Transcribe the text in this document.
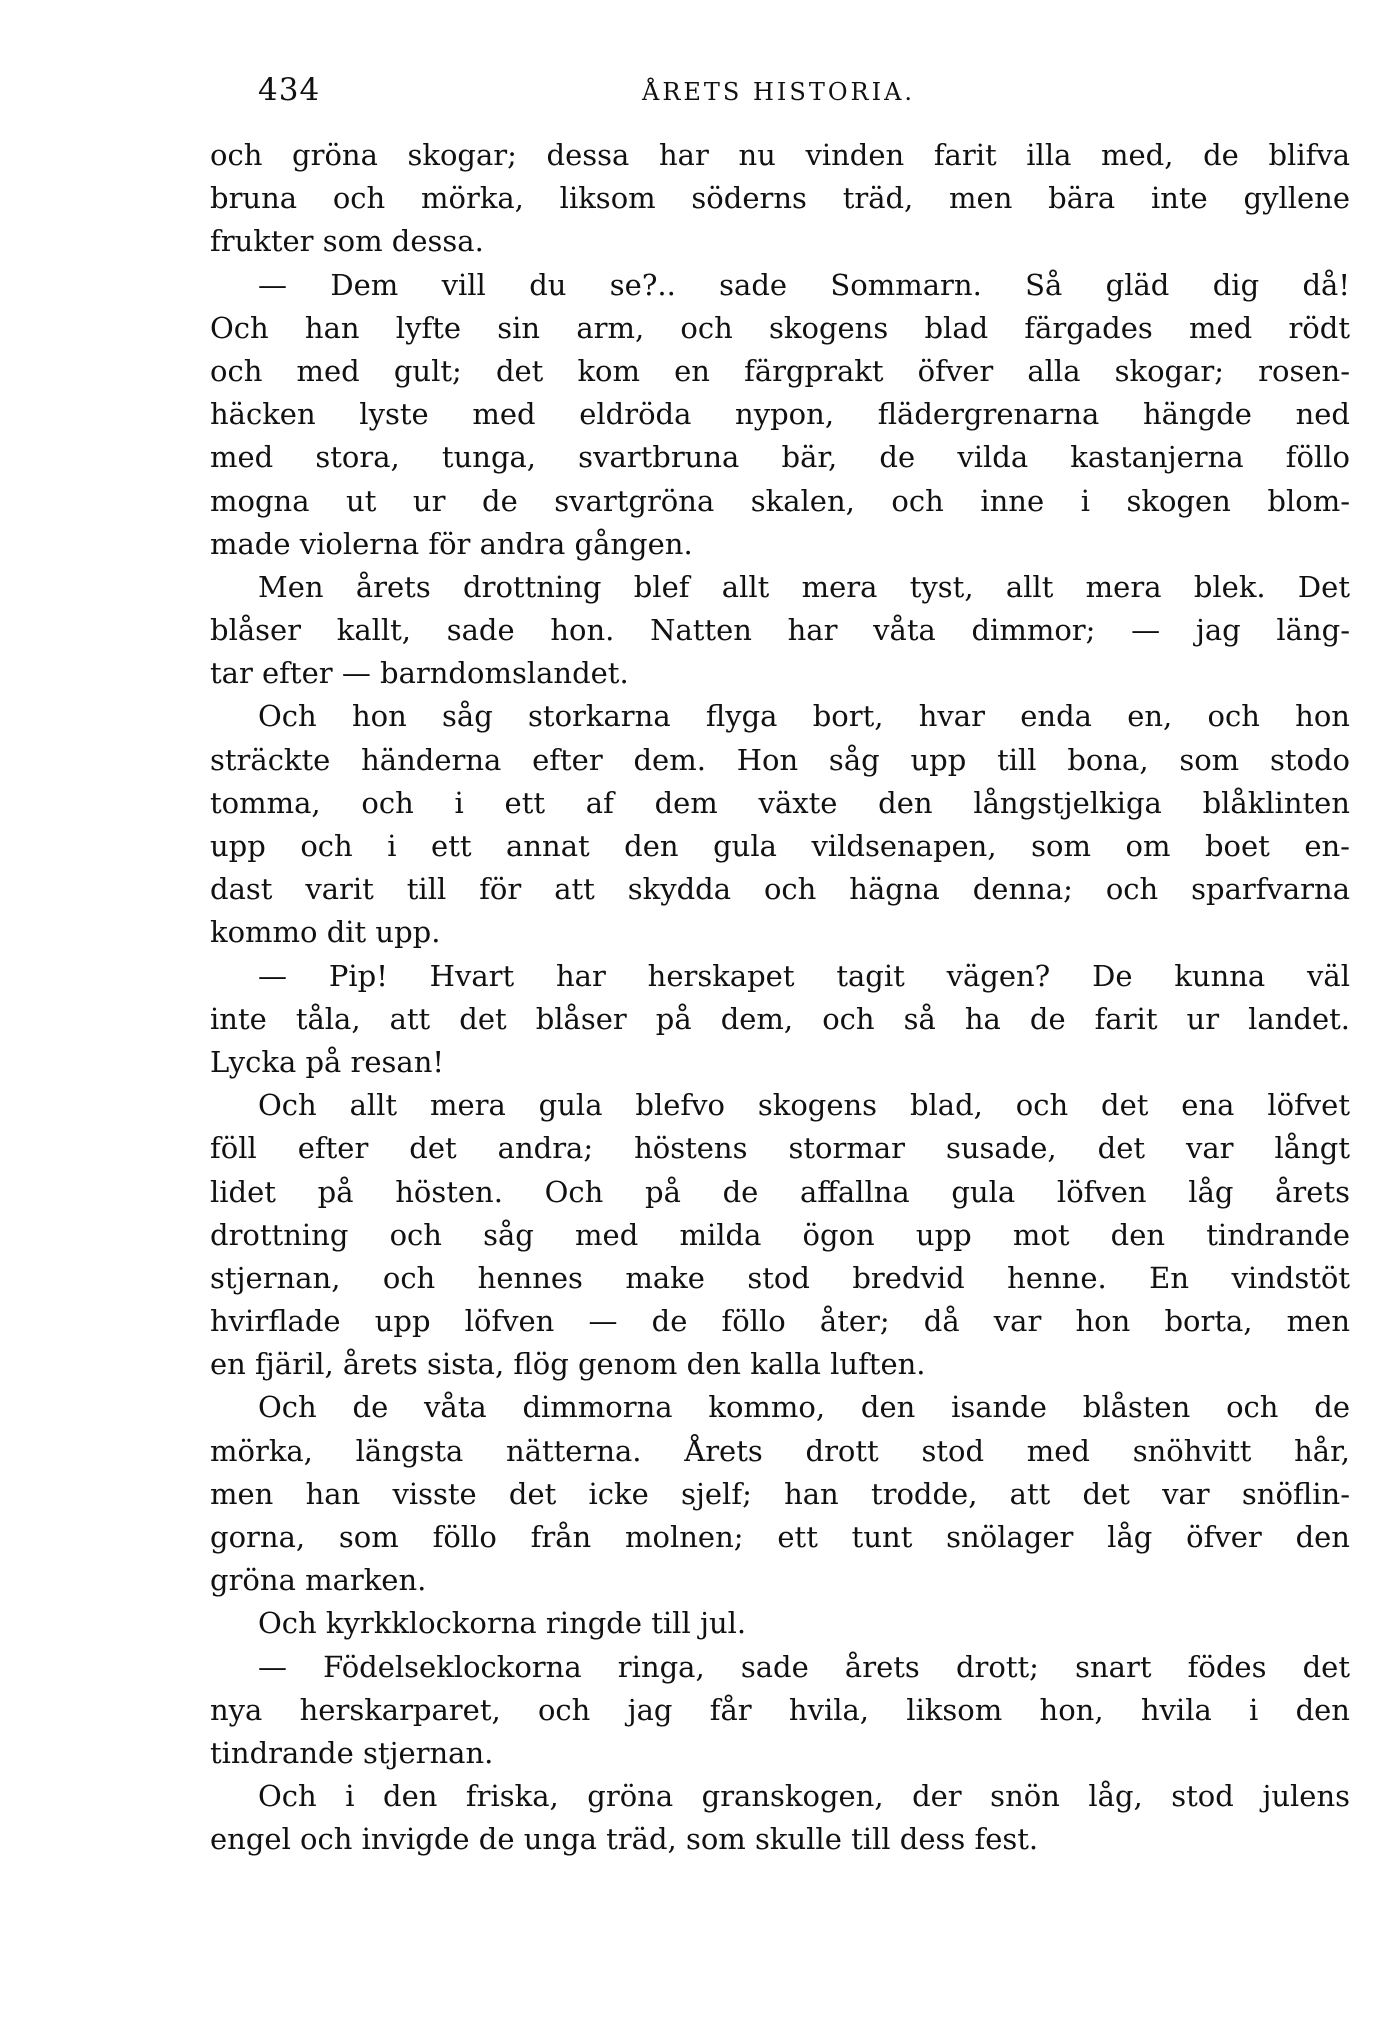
434	ÅRETS HISTORIA.
och gröna skogar; dessa har nu vinden farit illa med, de blifva
bruna och mörka, liksom söderns träd, men bära inte gyllene
frukter som dessa.
— Dem vill du se?.. sade Sommarn. Så gläd dig då!
Och han lyfte sin arm, och skogens blad färgades med rödt
och med gult; det kom en färgprakt öfver alla skogar; rosen-
häcken lyste med eldröda nypon, flädergrenarna hängde ned
med stora, tunga, svartbruna bär, de vilda kastanjerna föllo
mogna ut ur de svartgröna skalen, och inne i skogen blom-
made violerna för andra gången.
Men årets drottning blef allt mera tyst, allt mera blek. Det
blåser kallt, sade hon. Natten har våta dimmor; — jag läng-
tar efter — barndomslandet.
Och hon såg storkarna flyga bort, hvar enda en, och hon
sträckte händerna efter dem. Hon såg upp till bona, som stodo
tomma, och i ett af dem växte den långstjelkiga blåklinten
upp och i ett annat den gula vildsenapen, som om boet en-
dast varit till för att skydda och hägna denna; och sparfvarna
kommo dit upp.
— Pip! Hvart har herskapet tagit vägen? De kunna väl
inte tåla, att det blåser på dem, och så ha de farit ur landet.
Lycka på resan!
Och allt mera gula blefvo skogens blad, och det ena löfvet
föll efter det andra; höstens stormar susade, det var långt
lidet på hösten. Och på de affallna gula löfven låg årets
drottning och såg med milda ögon upp mot den tindrande
stjernan, och hennes make stod bredvid henne. En vindstöt
hvirflade upp löfven — de föllo åter; då var hon borta, men
en fjäril, årets sista, flög genom den kalla luften.
Och de våta dimmorna kommo, den isande blåsten och de
mörka, längsta nätterna. Årets drott stod med snöhvitt hår,
men han visste det icke sjelf; han trodde, att det var snöflin-
gorna, som föllo från molnen; ett tunt snölager låg öfver den
gröna marken.
Och kyrkklockorna ringde till jul.
— Födelseklockorna ringa, sade årets drott; snart födes det
nya herskarparet, och jag får hvila, liksom hon, hvila i den
tindrande stjernan.
Och i den friska, gröna granskogen, der snön låg, stod julens
engel och invigde de unga träd, som skulle till dess fest.
